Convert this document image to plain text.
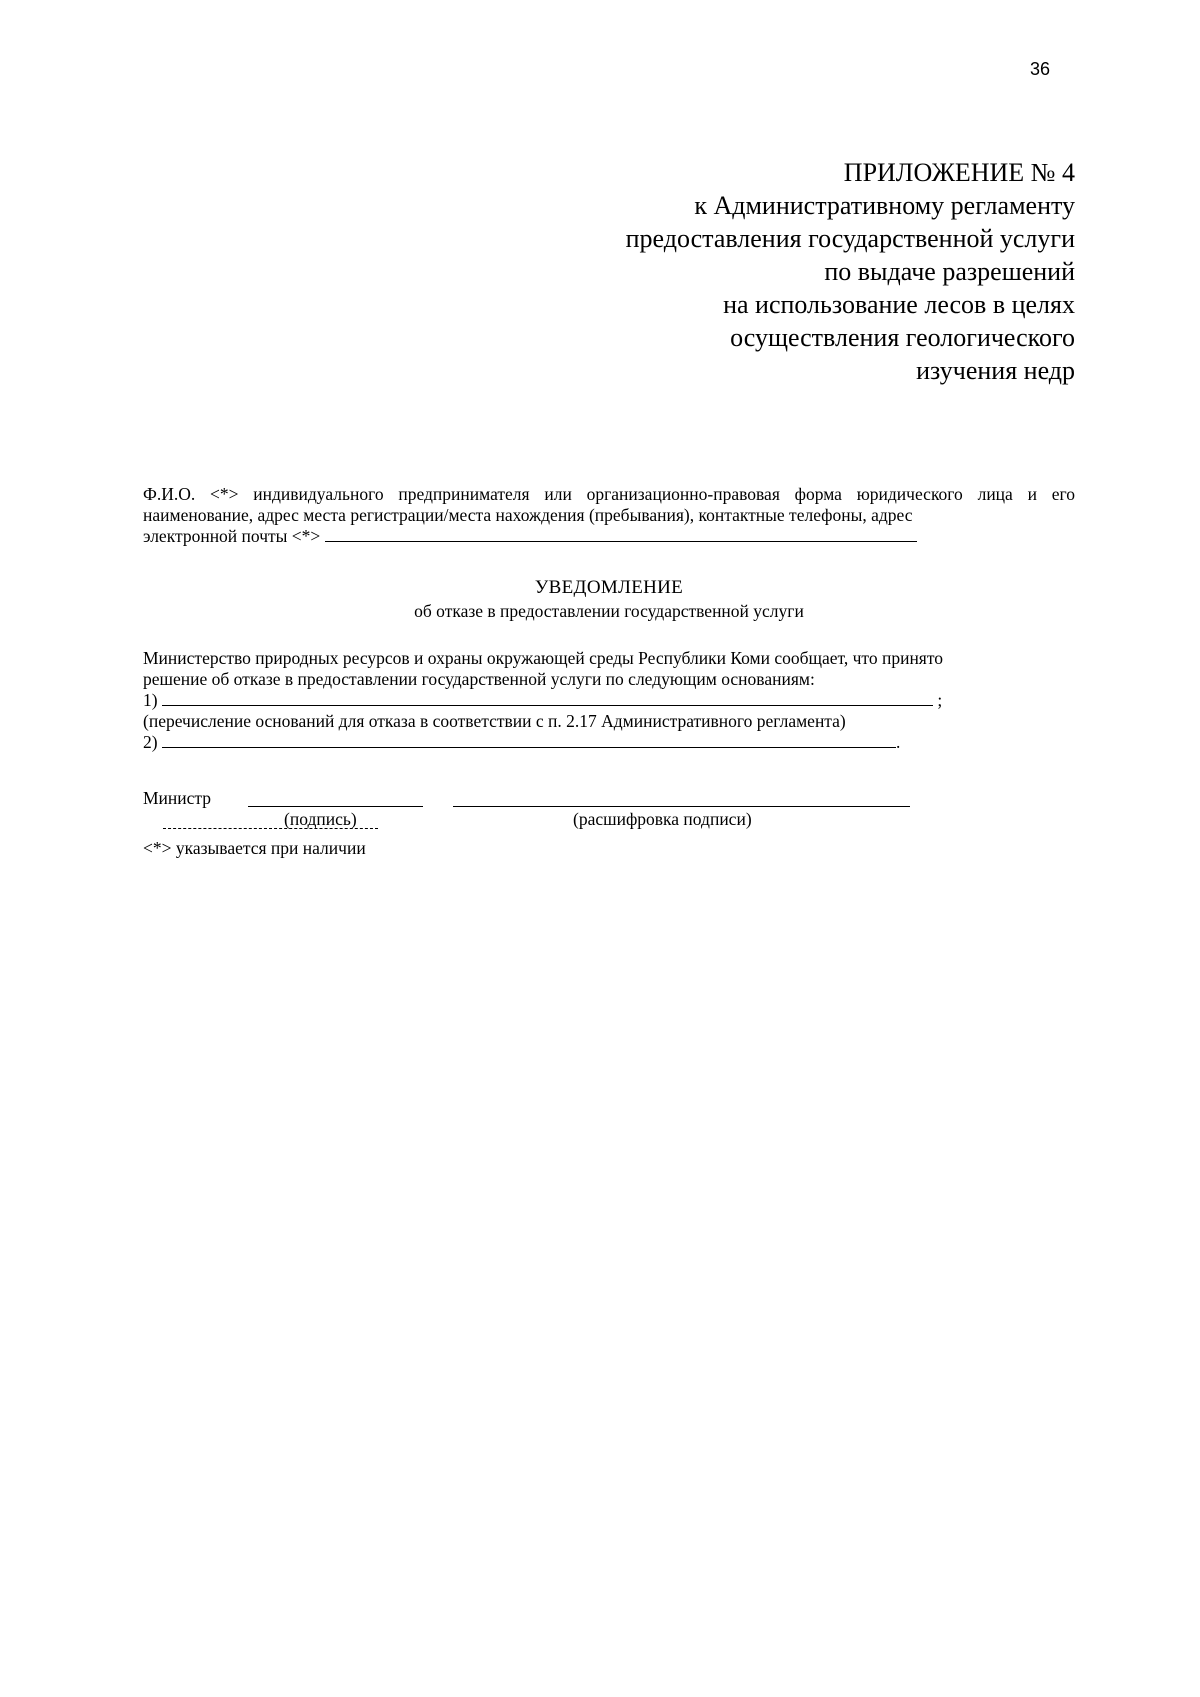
36
ПРИЛОЖЕНИЕ № 4
к Административному регламенту
предоставления государственной услуги
по выдаче разрешений
на использование лесов в целях
осуществления геологического
изучения недр
Ф.И.О. <*> индивидуального предпринимателя или организационно-правовая форма юридического лица и его наименование, адрес места регистрации/места нахождения (пребывания), контактные телефоны, адрес
электронной почты <*>
УВЕДОМЛЕНИЕ
об отказе в предоставлении государственной услуги
Министерство природных ресурсов и охраны окружающей среды Республики Коми сообщает, что принято
решение об отказе в предоставлении государственной услуги по следующим основаниям:
1)	;
(перечисление оснований для отказа в соответствии с п. 2.17 Административного регламента)
2)	.
Министр
(подпись)	(расшифровка подписи)
<*> указывается при наличии
